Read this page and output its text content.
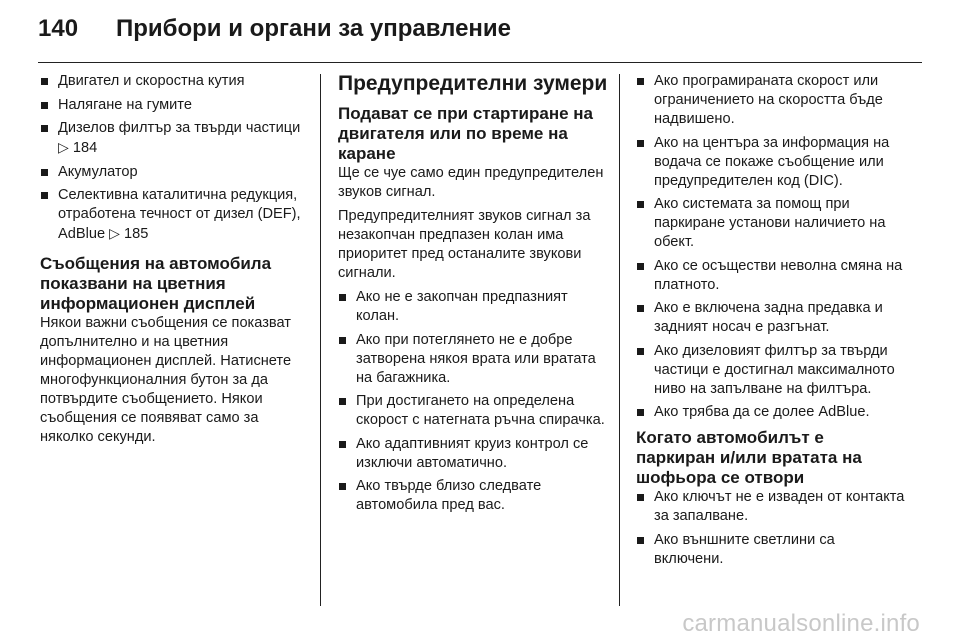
140	Прибори и органи за управление
Двигател и скоростна кутия
Налягане на гумите
Дизелов филтър за твърди частици ▷ 184
Акумулатор
Селективна каталитична редукция, отработена течност от дизел (DEF), AdBlue ▷ 185
Съобщения на автомобила показвани на цветния информационен дисплей

Някои важни съобщения се показват допълнително и на цветния информационен дисплей. Натиснете многофункционалния бутон за да потвърдите съобщението. Някои съобщения се появяват само за няколко секунди.

Предупредителни зумери
Подават се при стартиране на двигателя или по време на каране

Ще се чуе само един предупредителен звуков сигнал.

Предупредителният звуков сигнал за незакопчан предпазен колан има приоритет пред останалите звукови сигнали.

Ако не е закопчан предпазният колан.
Ако при потеглянето не е добре затворена някоя врата или вратата на багажника.
При достигането на определена скорост с натегната ръчна спирачка.
Ако адаптивният круиз контрол се изключи автоматично.
Ако твърде близо следвате автомобила пред вас.
Ако програмираната скорост или ограничението на скоростта бъде надвишено.
Ако на центъра за информация на водача се покаже съобщение или предупредителен код (DIC).
Ако системата за помощ при паркиране установи наличието на обект.
Ако се осъществи неволна смяна на платното.
Ако е включена задна предавка и задният носач е разгънат.
Ако дизеловият филтър за твърди частици е достигнал максималното ниво на запълване на филтъра.
Ако трябва да се долее AdBlue.
Когато автомобилът е паркиран и/или вратата на шофьора се отвори
Ако ключът не е изваден от контакта за запалване.
Ако външните светлини са включени.
carmanualsonline.info
